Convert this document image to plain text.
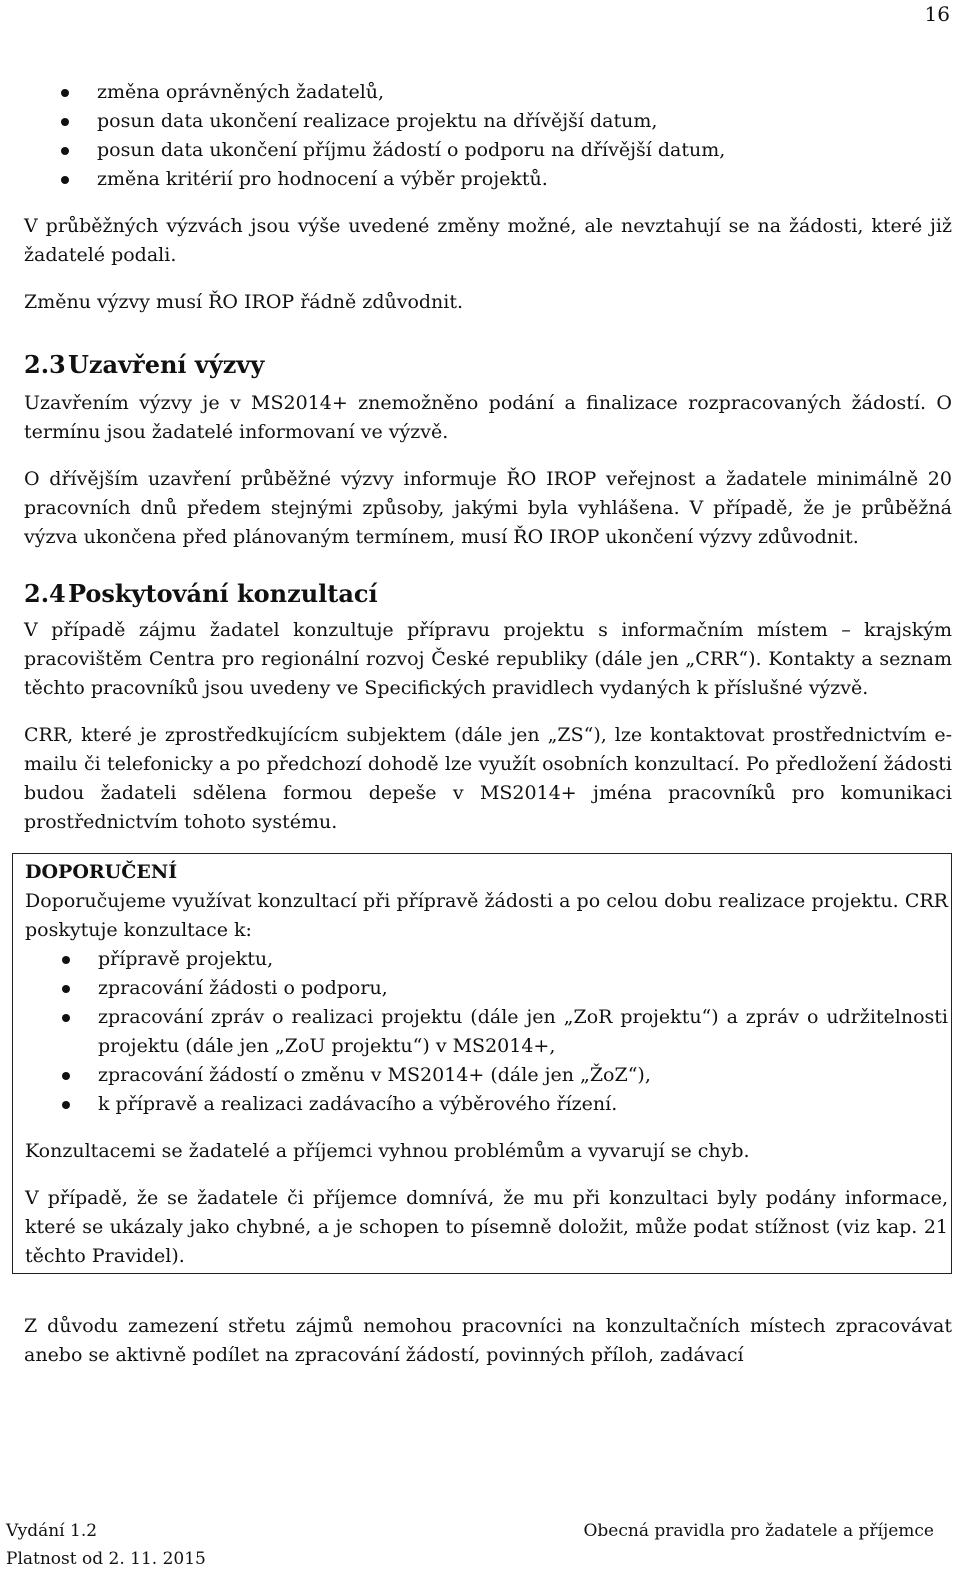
16
změna oprávněných žadatelů,
posun data ukončení realizace projektu na dřívější datum,
posun data ukončení příjmu žádostí o podporu na dřívější datum,
změna kritérií pro hodnocení a výběr projektů.

V průběžných výzvách jsou výše uvedené změny možné, ale nevztahují se na žádosti, které již žadatelé podali.

Změnu výzvy musí ŘO IROP řádně zdůvodnit.

2.3Uzavření výzvy

Uzavřením výzvy je v MS2014+ znemožněno podání a finalizace rozpracovaných žádostí. O termínu jsou žadatelé informovaní ve výzvě.

O dřívějším uzavření průběžné výzvy informuje ŘO IROP veřejnost a žadatele minimálně 20 pracovních dnů předem stejnými způsoby, jakými byla vyhlášena. V případě, že je průběžná výzva ukončena před plánovaným termínem, musí ŘO IROP ukončení výzvy zdůvodnit.

2.4Poskytování konzultací

V případě zájmu žadatel konzultuje přípravu projektu s informačním místem – krajským pracovištěm Centra pro regionální rozvoj České republiky (dále jen „CRR“). Kontakty a seznam těchto pracovníků jsou uvedeny ve Specifických pravidlech vydaných k příslušné výzvě.

CRR, které je zprostředkujícícm subjektem (dále jen „ZS“), lze kontaktovat prostřednictvím e-mailu či telefonicky a po předchozí dohodě lze využít osobních konzultací. Po předložení žádosti budou žadateli sdělena formou depeše v MS2014+ jména pracovníků pro komunikaci prostřednictvím tohoto systému.

DOPORUČENÍ

Doporučujeme využívat konzultací při přípravě žádosti a po celou dobu realizace projektu. CRR poskytuje konzultace k:

přípravě projektu,
zpracování žádosti o podporu,
zpracování zpráv o realizaci projektu (dále jen „ZoR projektu“) a zpráv o udržitelnosti projektu (dále jen „ZoU projektu“) v MS2014+,
zpracování žádostí o změnu v MS2014+ (dále jen „ŽoZ“),
k přípravě a realizaci zadávacího a výběrového řízení.

Konzultacemi se žadatelé a příjemci vyhnou problémům a vyvarují se chyb.

V případě, že se žadatele či příjemce domnívá, že mu při konzultaci byly podány informace, které se ukázaly jako chybné, a je schopen to písemně doložit, může podat stížnost (viz kap. 21 těchto Pravidel).

Z důvodu zamezení střetu zájmů nemohou pracovníci na konzultačních místech zpracovávat anebo se aktivně podílet na zpracování žádostí, povinných příloh, zadávací

Vydání 1.2
Platnost od 2. 11. 2015
Obecná pravidla pro žadatele a příjemce
